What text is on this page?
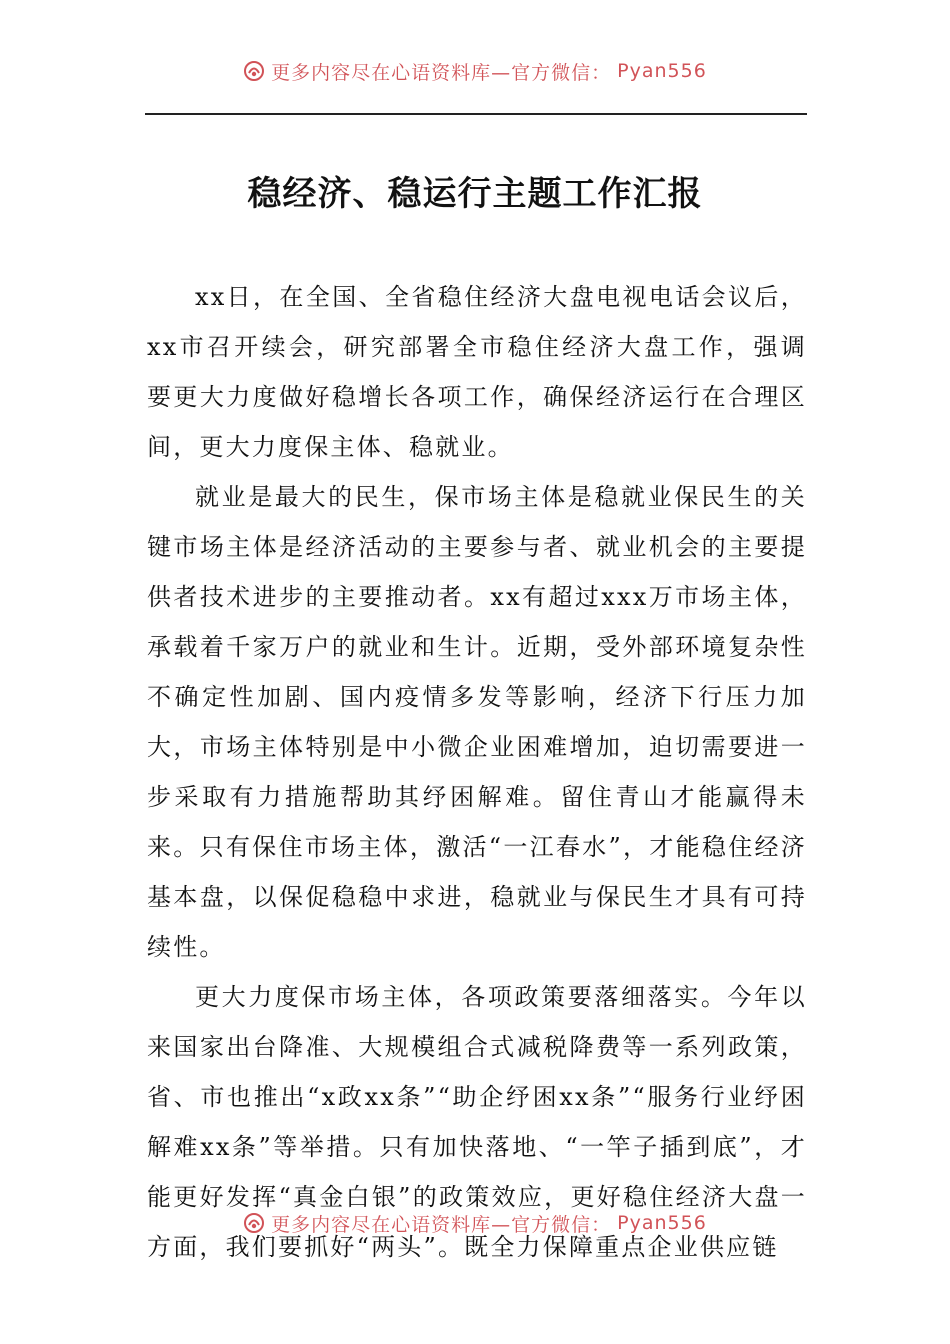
更多内容尽在心语资料库—官方微信： Pyan556
稳经济、稳运行主题工作汇报

xx日，在全国、全省稳住经济大盘电视电话会议后，xx市召开续会，研究部署全市稳住经济大盘工作，强调要更大力度做好稳增长各项工作，确保经济运行在合理区间，更大力度保主体、稳就业。

就业是最大的民生，保市场主体是稳就业保民生的关键市场主体是经济活动的主要参与者、就业机会的主要提供者技术进步的主要推动者。xx有超过xxx万市场主体，承载着千家万户的就业和生计。近期，受外部环境复杂性不确定性加剧、国内疫情多发等影响，经济下行压力加大，市场主体特别是中小微企业困难增加，迫切需要进一步采取有力措施帮助其纾困解难。留住青山才能赢得未来。只有保住市场主体，激活“一江春水”，才能稳住经济基本盘，以保促稳稳中求进，稳就业与保民生才具有可持续性。

更大力度保市场主体，各项政策要落细落实。今年以来国家出台降准、大规模组合式减税降费等一系列政策，省、市也推出“x政xx条”“助企纾困xx条”“服务行业纾困解难xx条”等举措。只有加快落地、“一竿子插到底”，才能更好发挥“真金白银”的政策效应，更好稳住经济大盘一方面，我们要抓好“两头”。既全力保障重点企业供应链

更多内容尽在心语资料库—官方微信： Pyan556
